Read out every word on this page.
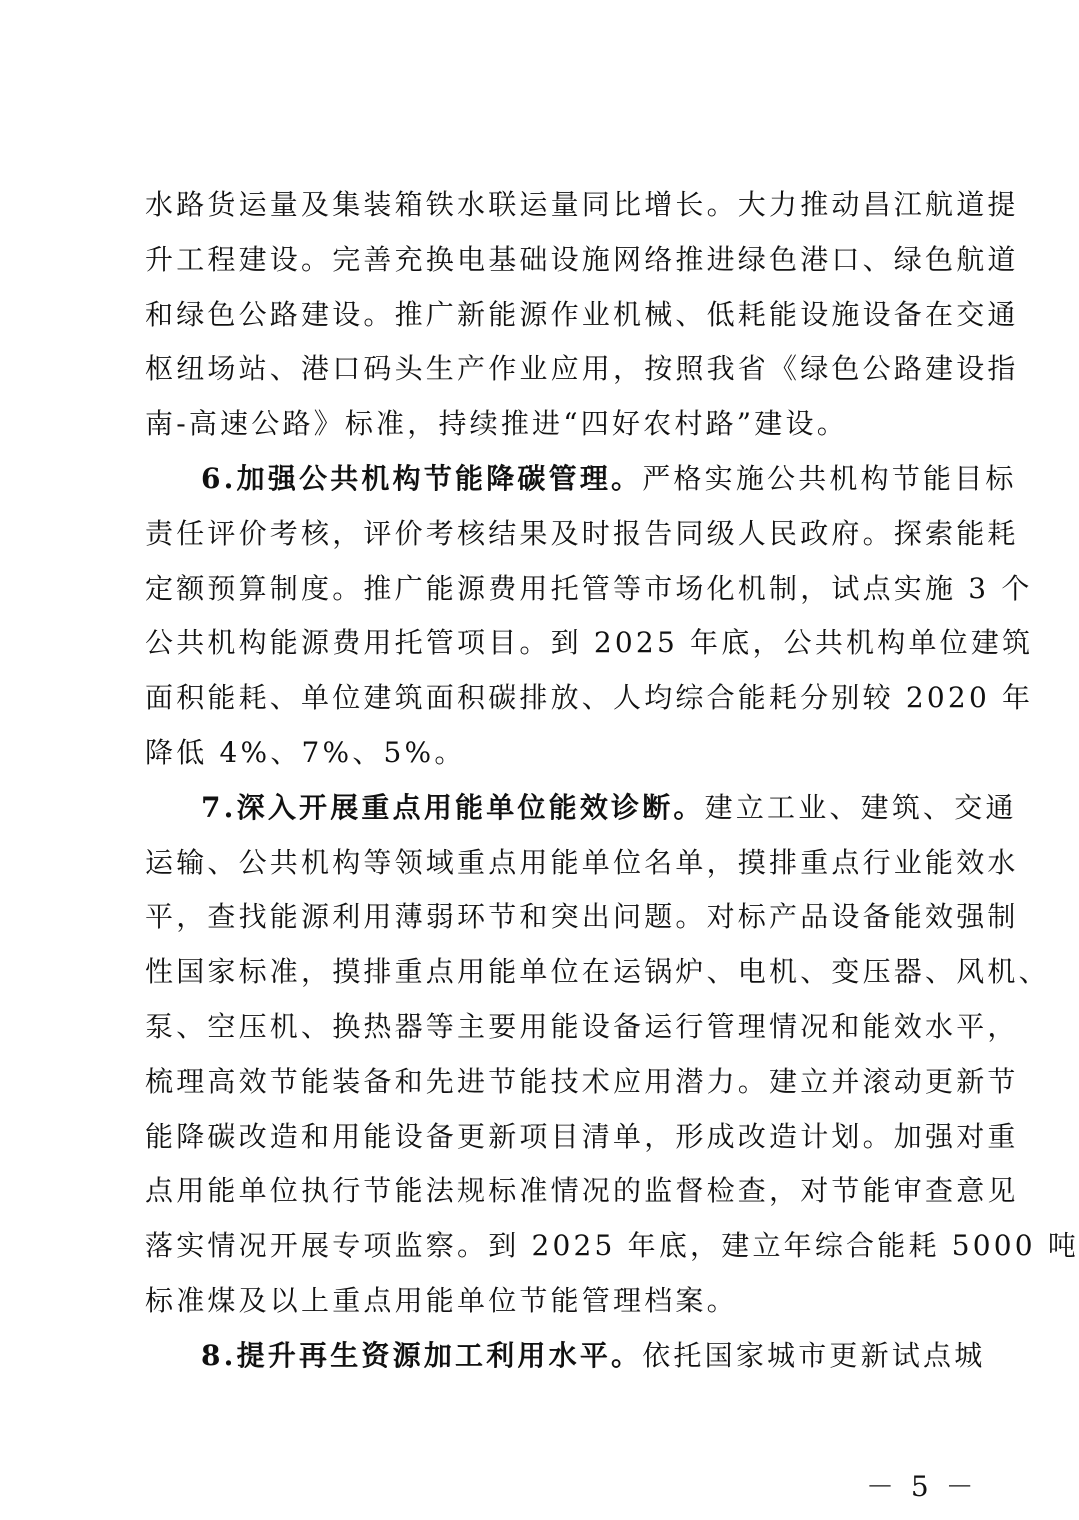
水路货运量及集装箱铁水联运量同比增长。大力推动昌江航道提
升工程建设。完善充换电基础设施网络推进绿色港口、绿色航道
和绿色公路建设。推广新能源作业机械、低耗能设施设备在交通
枢纽场站、港口码头生产作业应用，按照我省《绿色公路建设指
南-高速公路》标准，持续推进“四好农村路”建设。
6.加强公共机构节能降碳管理。严格实施公共机构节能目标
责任评价考核，评价考核结果及时报告同级人民政府。探索能耗
定额预算制度。推广能源费用托管等市场化机制，试点实施 3 个
公共机构能源费用托管项目。到 2025 年底，公共机构单位建筑
面积能耗、单位建筑面积碳排放、人均综合能耗分别较 2020 年
降低 4%、7%、5%。
7.深入开展重点用能单位能效诊断。建立工业、建筑、交通
运输、公共机构等领域重点用能单位名单，摸排重点行业能效水
平，查找能源利用薄弱环节和突出问题。对标产品设备能效强制
性国家标准，摸排重点用能单位在运锅炉、电机、变压器、风机、
泵、空压机、换热器等主要用能设备运行管理情况和能效水平，
梳理高效节能装备和先进节能技术应用潜力。建立并滚动更新节
能降碳改造和用能设备更新项目清单，形成改造计划。加强对重
点用能单位执行节能法规标准情况的监督检查，对节能审查意见
落实情况开展专项监察。到 2025 年底，建立年综合能耗 5000 吨
标准煤及以上重点用能单位节能管理档案。
8.提升再生资源加工利用水平。依托国家城市更新试点城
－ 5 －
